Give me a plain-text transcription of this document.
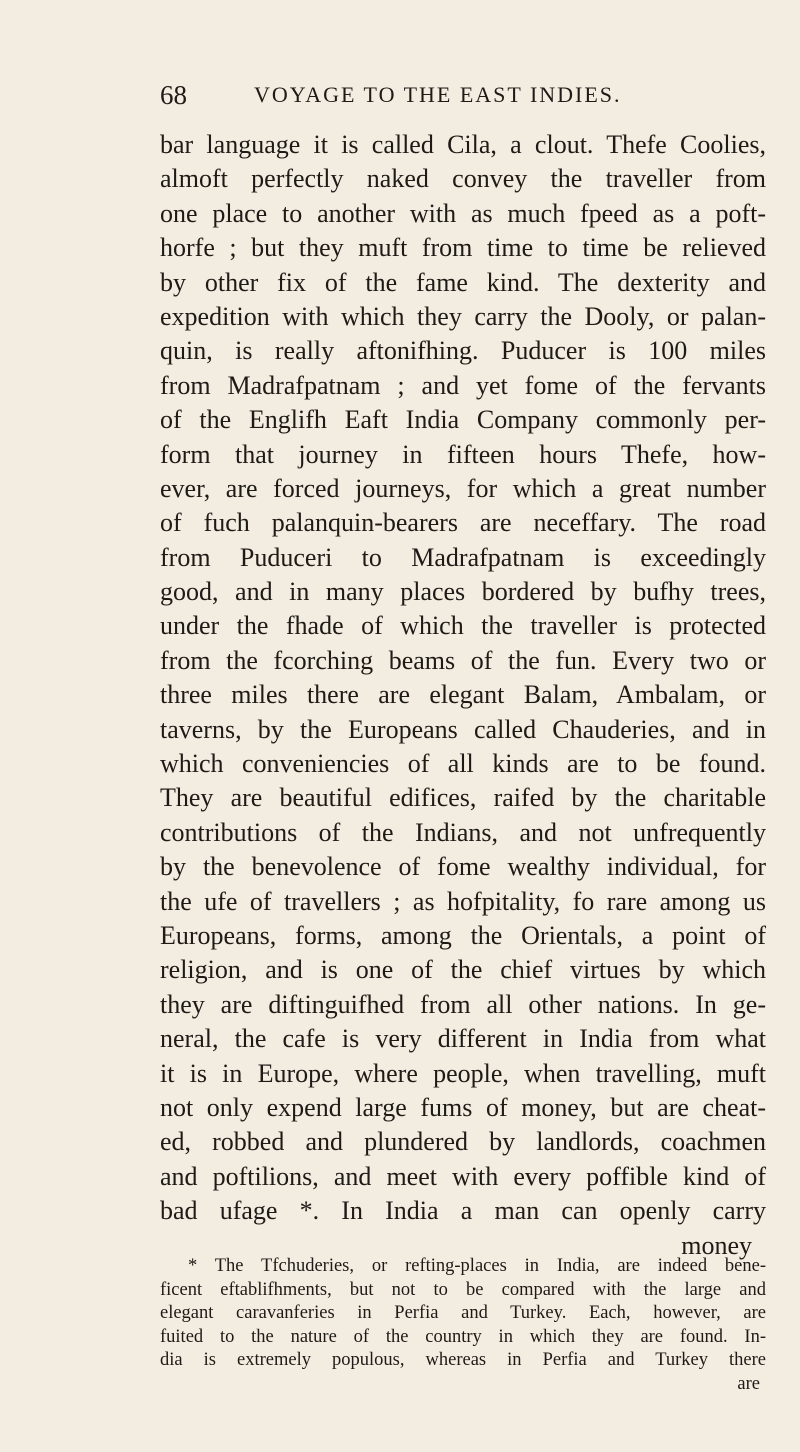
68	VOYAGE TO THE EAST INDIES.
bar language it is called Cila, a clout. Thefe Coolies,
almoft perfectly naked convey the traveller from
one place to another with as much fpeed as a poft-
horfe ; but they muft from time to time be relieved
by other fix of the fame kind. The dexterity and
expedition with which they carry the Dooly, or palan-
quin, is really aftonifhing. Puducer is 100 miles
from Madrafpatnam ; and yet fome of the fervants
of the Englifh Eaft India Company commonly per-
form that journey in fifteen hours Thefe, how-
ever, are forced journeys, for which a great number
of fuch palanquin-bearers are neceffary. The road
from Puduceri to Madrafpatnam is exceedingly
good, and in many places bordered by bufhy trees,
under the fhade of which the traveller is protected
from the fcorching beams of the fun. Every two or
three miles there are elegant Balam, Ambalam, or
taverns, by the Europeans called Chauderies, and in
which conveniencies of all kinds are to be found.
They are beautiful edifices, raifed by the charitable
contributions of the Indians, and not unfrequently
by the benevolence of fome wealthy individual, for
the ufe of travellers ; as hofpitality, fo rare among us
Europeans, forms, among the Orientals, a point of
religion, and is one of the chief virtues by which
they are diftinguifhed from all other nations. In ge-
neral, the cafe is very different in India from what
it is in Europe, where people, when travelling, muft
not only expend large fums of money, but are cheat-
ed, robbed and plundered by landlords, coachmen
and poftilions, and meet with every poffible kind of
bad ufage *. In India a man can openly carry
money
* The Tfchuderies, or refting-places in India, are indeed bene-
ficent eftablifhments, but not to be compared with the large and
elegant caravanferies in Perfia and Turkey. Each, however, are
fuited to the nature of the country in which they are found. In-
dia is extremely populous, whereas in Perfia and Turkey there
are
